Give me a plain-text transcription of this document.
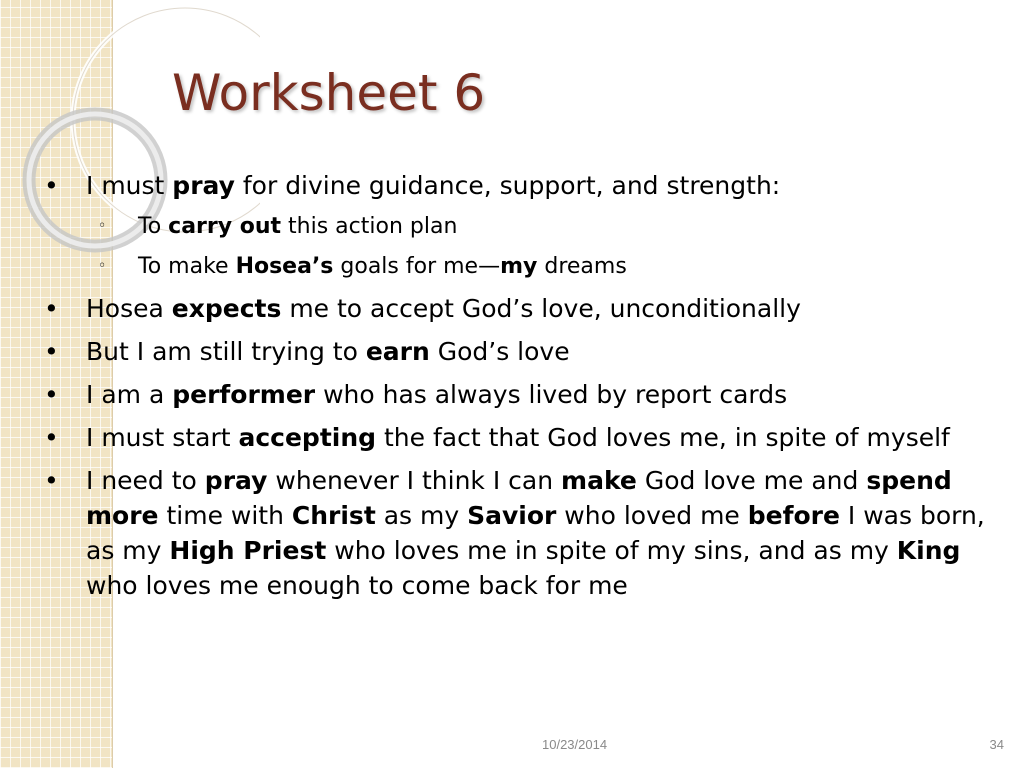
Worksheet 6
• I must pray for divine guidance, support, and strength:
◦ To carry out this action plan
◦ To make Hosea’s goals for me—my dreams
• Hosea expects me to accept God’s love, unconditionally
• But I am still trying to earn God’s love
• I am a performer who has always lived by report cards
• I must start accepting the fact that God loves me, in spite of myself
• I need to pray whenever I think I can make God love me and spend more time with Christ as my Savior who loved me before I was born, as my High Priest who loves me in spite of my sins, and as my King who loves me enough to come back for me
10/23/2014	34
